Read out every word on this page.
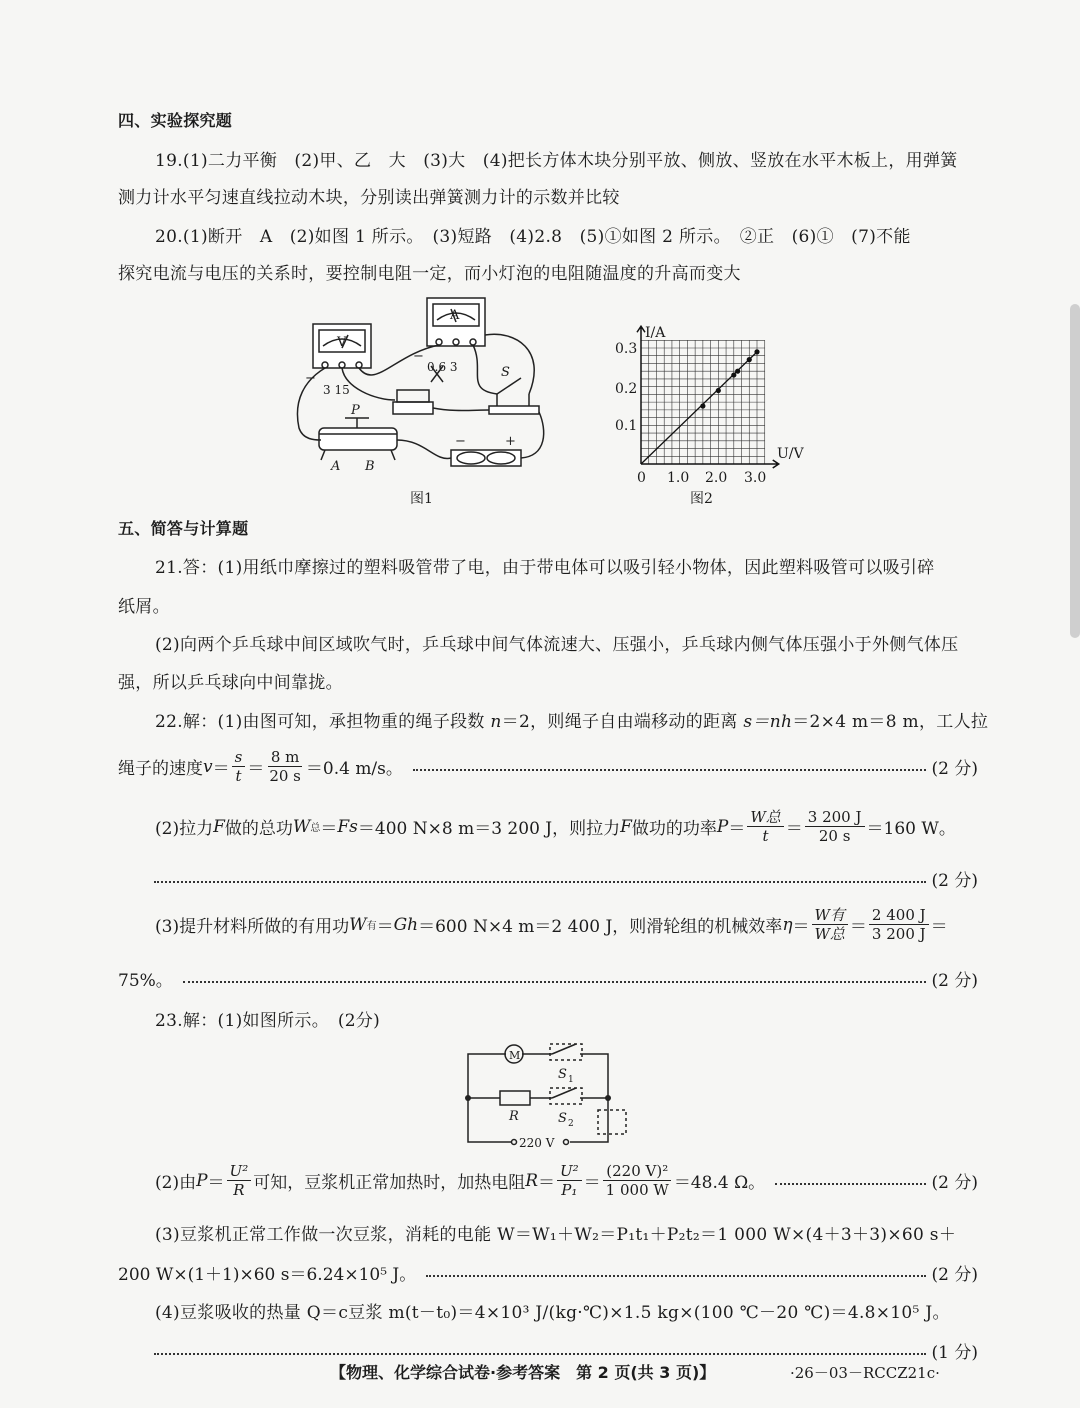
四、实验探究题
19.(1)二力平衡　(2)甲、乙　大　(3)大　(4)把长方体木块分别平放、侧放、竖放在水平木板上，用弹簧
测力计水平匀速直线拉动木块，分别读出弹簧测力计的示数并比较
20.(1)断开　A　(2)如图 1 所示。　(3)短路　(4)2.8　(5)①如图 2 所示。　②正　(6)①　(7)不能
探究电流与电压的关系时，要控制电阻一定，而小灯泡的电阻随温度的升高而变大
V
A
−
3 15
−
0.6 3	S
P
A B
−	+
图1
I/A
U/V
0
0.3
0.2
0.1
1.0 2.0 3.0
图2
五、简答与计算题
21.答：(1)用纸巾摩擦过的塑料吸管带了电，由于带电体可以吸引轻小物体，因此塑料吸管可以吸引碎
纸屑。
(2)向两个乒乓球中间区域吹气时，乒乓球中间气体流速大、压强小，乒乓球内侧气体压强小于外侧气体压
强，所以乒乓球向中间靠拢。
22.解：(1)由图可知，承担物重的绳子段数 n＝2，则绳子自由端移动的距离 s＝nh＝2×4 m＝8 m，工人拉
绳子的速度 $v = \frac{s}{t} = \frac{8 m}{20 s} =0.4$ m/s。	(2 分)
(2)拉力 F 做的总功 W 总 ＝ Fs ＝400 N×8 m＝3 200 J，则拉力 F 做功的功率 $P = \frac{\text{W总}}{t} = \frac{3 200 J}{20 s} =160$ W。
(2 分)
(3)提升材料所做的有用功 W 有 ＝ Gh ＝600 N×4 m＝2 400 J，则滑轮组的机械效率 $\eta = \frac{\text{W有}}{\text{W总}} = \frac{2 400 J}{3 200 J}$ ＝
75%。	(2 分)
23.解：(1)如图所示。　(2分)
M
S 1
R	S 2
220 V
(2)由 $P = \frac{\text{U²}}{R}$ 可知，豆浆机正常加热时，加热电阻 $R = \frac{\text{U²}}{\text{P₁}} = \frac{\text{(220 V)²}}{1 000 W} =48.4$ Ω。	(2 分)
(3)豆浆机正常工作做一次豆浆，消耗的电能 W＝W₁＋W₂＝P₁t₁＋P₂t₂＝1 000 W×(4＋3＋3)×60 s＋
200 W×(1＋1)×60 s＝6.24×10⁵ J。	(2 分)
(4)豆浆吸收的热量 Q＝c豆浆 m(t－t₀)＝4×10³ J/(kg·℃)×1.5 kg×(100 ℃－20 ℃)＝4.8×10⁵ J。
(1 分)
【物理、化学综合试卷·参考答案　第 2 页(共 3 页)】	·26－03－RCCZ21c·
